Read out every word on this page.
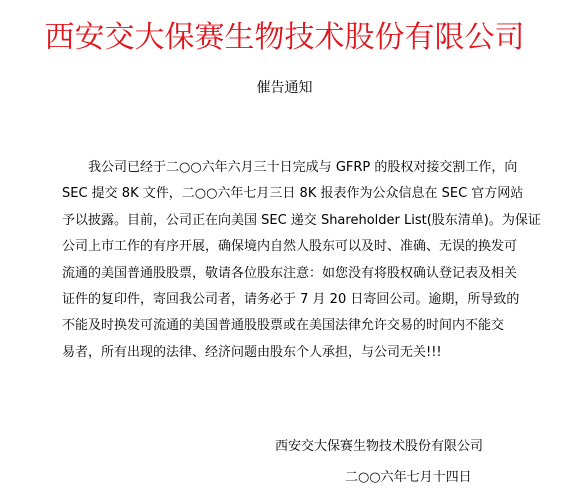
西安交大保赛生物技术股份有限公司
催告通知
我公司已经于二○○六年六月三十日完成与 GFRP 的股权对接交割工作，向
SEC 提交 8K 文件，二○○六年七月三日 8K 报表作为公众信息在 SEC 官方网站
予以披露。目前，公司正在向美国 SEC 递交 Shareholder List(股东清单)。为保证
公司上市工作的有序开展，确保境内自然人股东可以及时、准确、无误的换发可
流通的美国普通股股票，敬请各位股东注意：如您没有将股权确认登记表及相关
证件的复印件，寄回我公司者，请务必于 7 月 20 日寄回公司。逾期，所导致的
不能及时换发可流通的美国普通股股票或在美国法律允许交易的时间内不能交
易者，所有出现的法律、经济问题由股东个人承担，与公司无关!!!
西安交大保赛生物技术股份有限公司
二○○六年七月十四日
